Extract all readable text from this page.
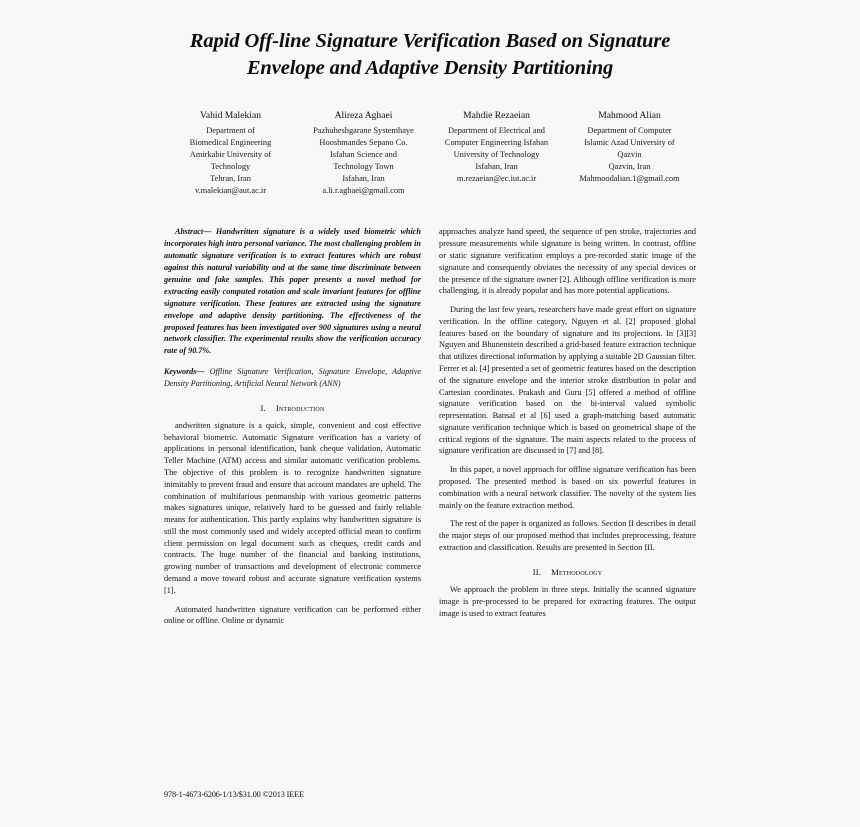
Rapid Off-line Signature Verification Based on Signature Envelope and Adaptive Density Partitioning
Vahid Malekian
Department of
Biomedical Engineering
Amirkabir University of
Technology
Tehran, Iran
v.malekian@aut.ac.ir
Alireza Aghaei
Pazhuheshgarane Systemhaye
Hooshmandes Sepano Co.
Isfahan Science and
Technology Town
Isfahan, Iran
a.li.r.aghaei@gmail.com
Mahdie Rezaeian
Department of Electrical and
Computer Engineering Isfahan
University of Technology
Isfahan, Iran
m.rezaeian@ec.iut.ac.ir
Mahmood Alian
Department of Computer
Islamic Azad University of
Qazvin
Qazvin, Iran
Mahmoodalian.1@gmail.com

Abstract— Handwritten signature is a widely used biometric which incorporates high intra personal variance. The most challenging problem in automatic signature verification is to extract features which are robust against this natural variability and at the same time discriminate between genuine and fake samples. This paper presents a novel method for extracting easily computed rotation and scale invariant features for offline signature verification. These features are extracted using the signature envelope and adaptive density partitioning. The effectiveness of the proposed features has been investigated over 900 signatures using a neural network classifier. The experimental results show the verification accuracy rate of 90.7%.

Keywords— Offline Signature Verification, Signature Envelope, Adaptive Density Partitioning, Artificial Neural Network (ANN)

I. Introduction

andwritten signature is a quick, simple, convenient and cost effective behavioral biometric. Automatic Signature verification has a variety of applications in personal identification, bank cheque validation, Automatic Teller Machine (ATM) access and similar automatic verification problems. The objective of this problem is to recognize handwritten signature inimitably to prevent fraud and ensure that account mandates are upheld. The combination of multifarious penmanship with various geometric patterns makes signatures unique, relatively hard to be guessed and fairly reliable means for authentication. This partly explains why handwritten signature is still the most commonly used and widely accepted official mean to confirm client permission on legal document such as cheques, credit cards and contracts. The huge number of the financial and banking institutions, growing number of transactions and development of electronic commerce demand a move toward robust and accurate signature verification systems [1].

Automated handwritten signature verification can be performed either online or offline. Online or dynamic

approaches analyze hand speed, the sequence of pen stroke, trajectories and pressure measurements while signature is being written. In contrast, offline or static signature verification employs a pre-recorded static image of the signature and consequently obviates the necessity of any special devices or the presence of the signature owner [2]. Although offline verification is more challenging, it is already popular and has more potential applications.

During the last few years, researchers have made great effort on signature verification. In the offline category, Nguyen et al. [2] proposed global features based on the boundary of signature and its projections. In [3][3] Nguyen and Bhunenstein described a grid-based feature extraction technique that utilizes directional information by applying a suitable 2D Gaussian filter. Ferrer et al. [4] presented a set of geometric features based on the description of the signature envelope and the interior stroke distribution in polar and Cartesian coordinates. Prakash and Guru [5] offered a method of offline signature verification based on the bi-interval valued symbolic representation. Bansal et al [6] used a graph-matching based automatic signature verification technique which is based on geometrical shape of the critical regions of the signature. The main aspects related to the process of signature verification are discussed in [7] and [8].

In this paper, a novel approach for offline signature verification has been proposed. The presented method is based on six powerful features in combination with a neural network classifier. The novelty of the system lies mainly on the feature extraction method.

The rest of the paper is organized as follows. Section II describes in detail the major steps of our proposed method that includes preprocessing, feature extraction and classification. Results are presented in Section III.

II. Methodology

We approach the problem in three steps. Initially the scanned signature image is pre-processed to be prepared for extracting features. The output image is used to extract features

978-1-4673-6206-1/13/$31.00 ©2013 IEEE
